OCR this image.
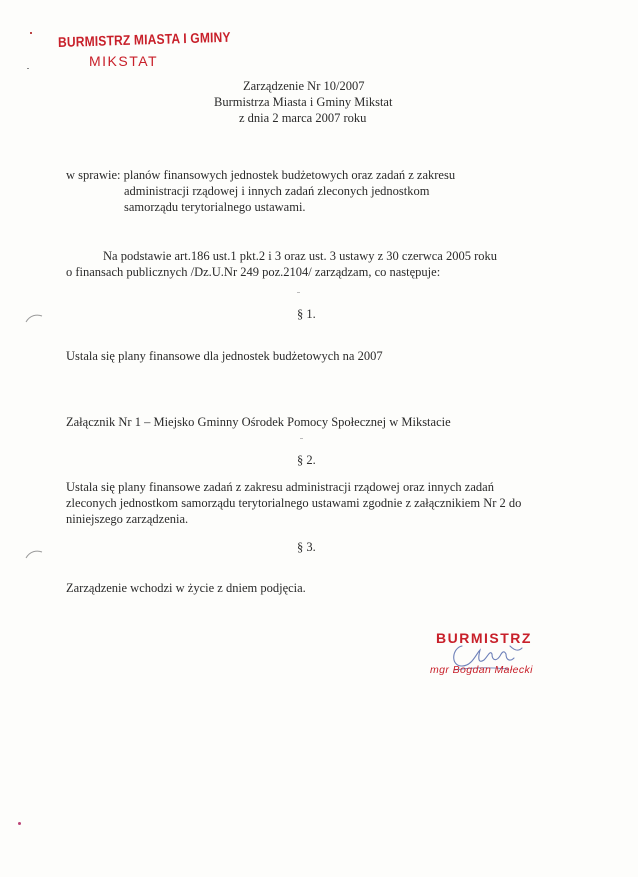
BURMISTRZ MIASTA I GMINY
MIKSTAT
Zarządzenie Nr 10/2007
Burmistrza Miasta i Gminy Mikstat
z dnia 2 marca 2007 roku
w sprawie: planów finansowych jednostek budżetowych oraz zadań z zakresu
administracji rządowej i innych zadań zleconych jednostkom
samorządu terytorialnego ustawami.
Na podstawie art.186 ust.1 pkt.2 i 3 oraz ust. 3 ustawy z 30 czerwca 2005 roku
o finansach publicznych /Dz.U.Nr 249 poz.2104/ zarządzam, co następuje:
§ 1.
Ustala się plany finansowe dla jednostek budżetowych na 2007
Załącznik Nr 1 – Miejsko Gminny Ośrodek Pomocy Społecznej w Mikstacie
§ 2.
Ustala się plany finansowe zadań z zakresu administracji rządowej oraz innych zadań
zleconych jednostkom samorządu terytorialnego ustawami zgodnie z załącznikiem Nr 2 do
niniejszego zarządzenia.
§ 3.
Zarządzenie wchodzi w życie z dniem podjęcia.
BURMISTRZ
mgr Bogdan Małecki
